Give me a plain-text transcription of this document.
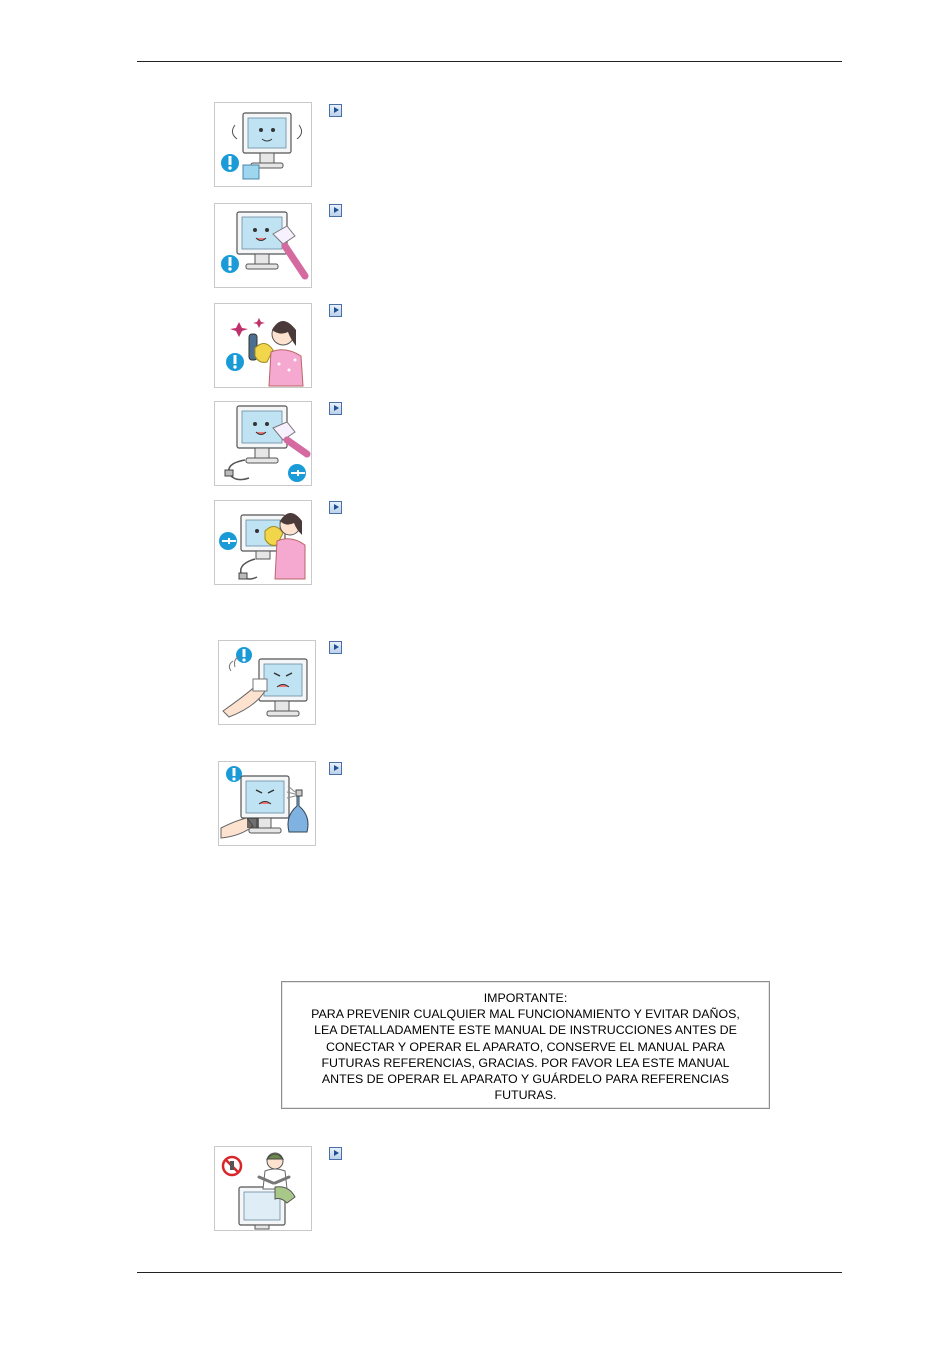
IMPORTANTE:
PARA PREVENIR CUALQUIER MAL FUNCIONAMIENTO Y EVITAR DAÑOS,
LEA DETALLADAMENTE ESTE MANUAL DE INSTRUCCIONES ANTES DE
CONECTAR Y OPERAR EL APARATO, CONSERVE EL MANUAL PARA
FUTURAS REFERENCIAS, GRACIAS. POR FAVOR LEA ESTE MANUAL
ANTES DE OPERAR EL APARATO Y GUÁRDELO PARA REFERENCIAS
FUTURAS.
